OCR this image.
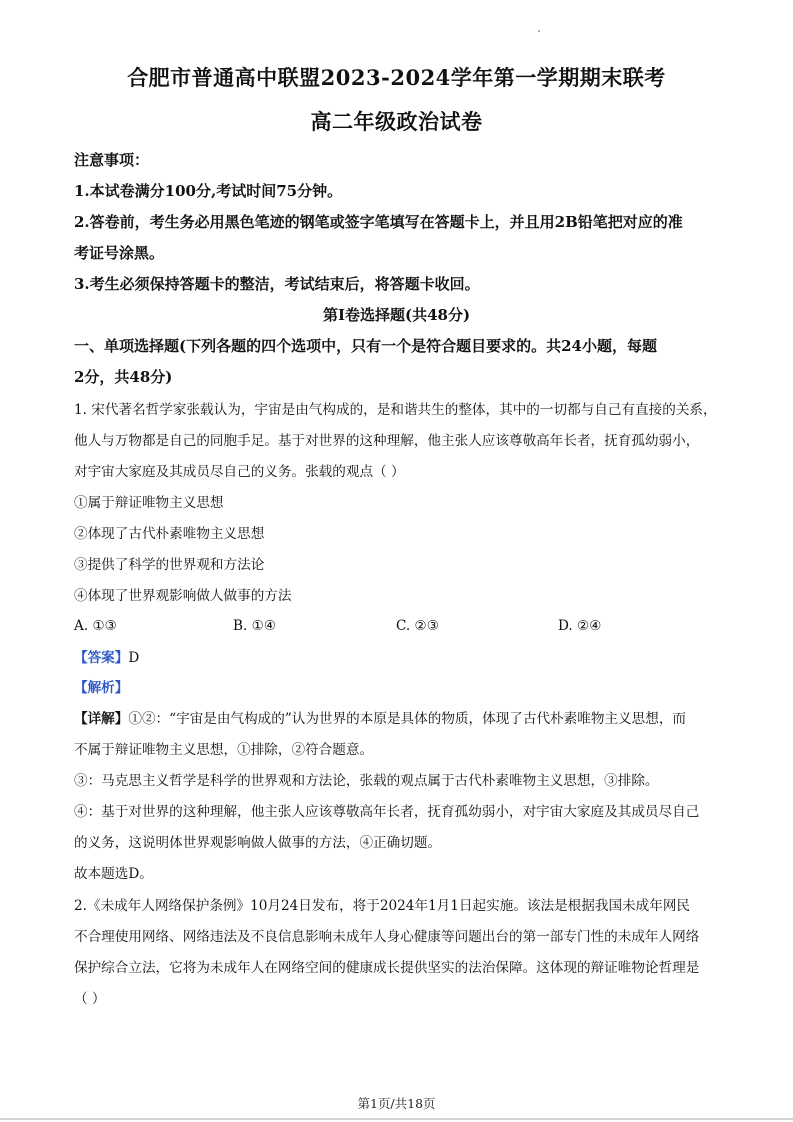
合肥市普通高中联盟2023-2024学年第一学期期末联考
高二年级政治试卷
注意事项：
1.本试卷满分100分,考试时间75分钟。
2.答卷前，考生务必用黑色笔迹的钢笔或签字笔填写在答题卡上，并且用2B铅笔把对应的准
考证号涂黑。
3.考生必须保持答题卡的整洁，考试结束后，将答题卡收回。
第Ⅰ卷选择题(共48分)
一、单项选择题(下列各题的四个选项中，只有一个是符合题目要求的。共24小题，每题
2分，共48分)
1. 宋代著名哲学家张载认为，宇宙是由气构成的，是和谐共生的整体，其中的一切都与自己有直接的关系，
他人与万物都是自己的同胞手足。基于对世界的这种理解，他主张人应该尊敬高年长者，抚育孤幼弱小，
对宇宙大家庭及其成员尽自己的义务。张载的观点（ ）
①属于辩证唯物主义思想
②体现了古代朴素唯物主义思想
③提供了科学的世界观和方法论
④体现了世界观影响做人做事的方法
A. ①③	B. ①④	C. ②③	D. ②④
【答案】D
【解析】
【详解】①②：“宇宙是由气构成的”认为世界的本原是具体的物质，体现了古代朴素唯物主义思想，而
不属于辩证唯物主义思想，①排除，②符合题意。
③：马克思主义哲学是科学的世界观和方法论，张载的观点属于古代朴素唯物主义思想，③排除。
④：基于对世界的这种理解，他主张人应该尊敬高年长者，抚育孤幼弱小，对宇宙大家庭及其成员尽自己
的义务，这说明体世界观影响做人做事的方法，④正确切题。
故本题选D。
2.《未成年人网络保护条例》10月24日发布，将于2024年1月1日起实施。该法是根据我国未成年网民
不合理使用网络、网络违法及不良信息影响未成年人身心健康等问题出台的第一部专门性的未成年人网络
保护综合立法，它将为未成年人在网络空间的健康成长提供坚实的法治保障。这体现的辩证唯物论哲理是
（ ）
第1页/共18页
